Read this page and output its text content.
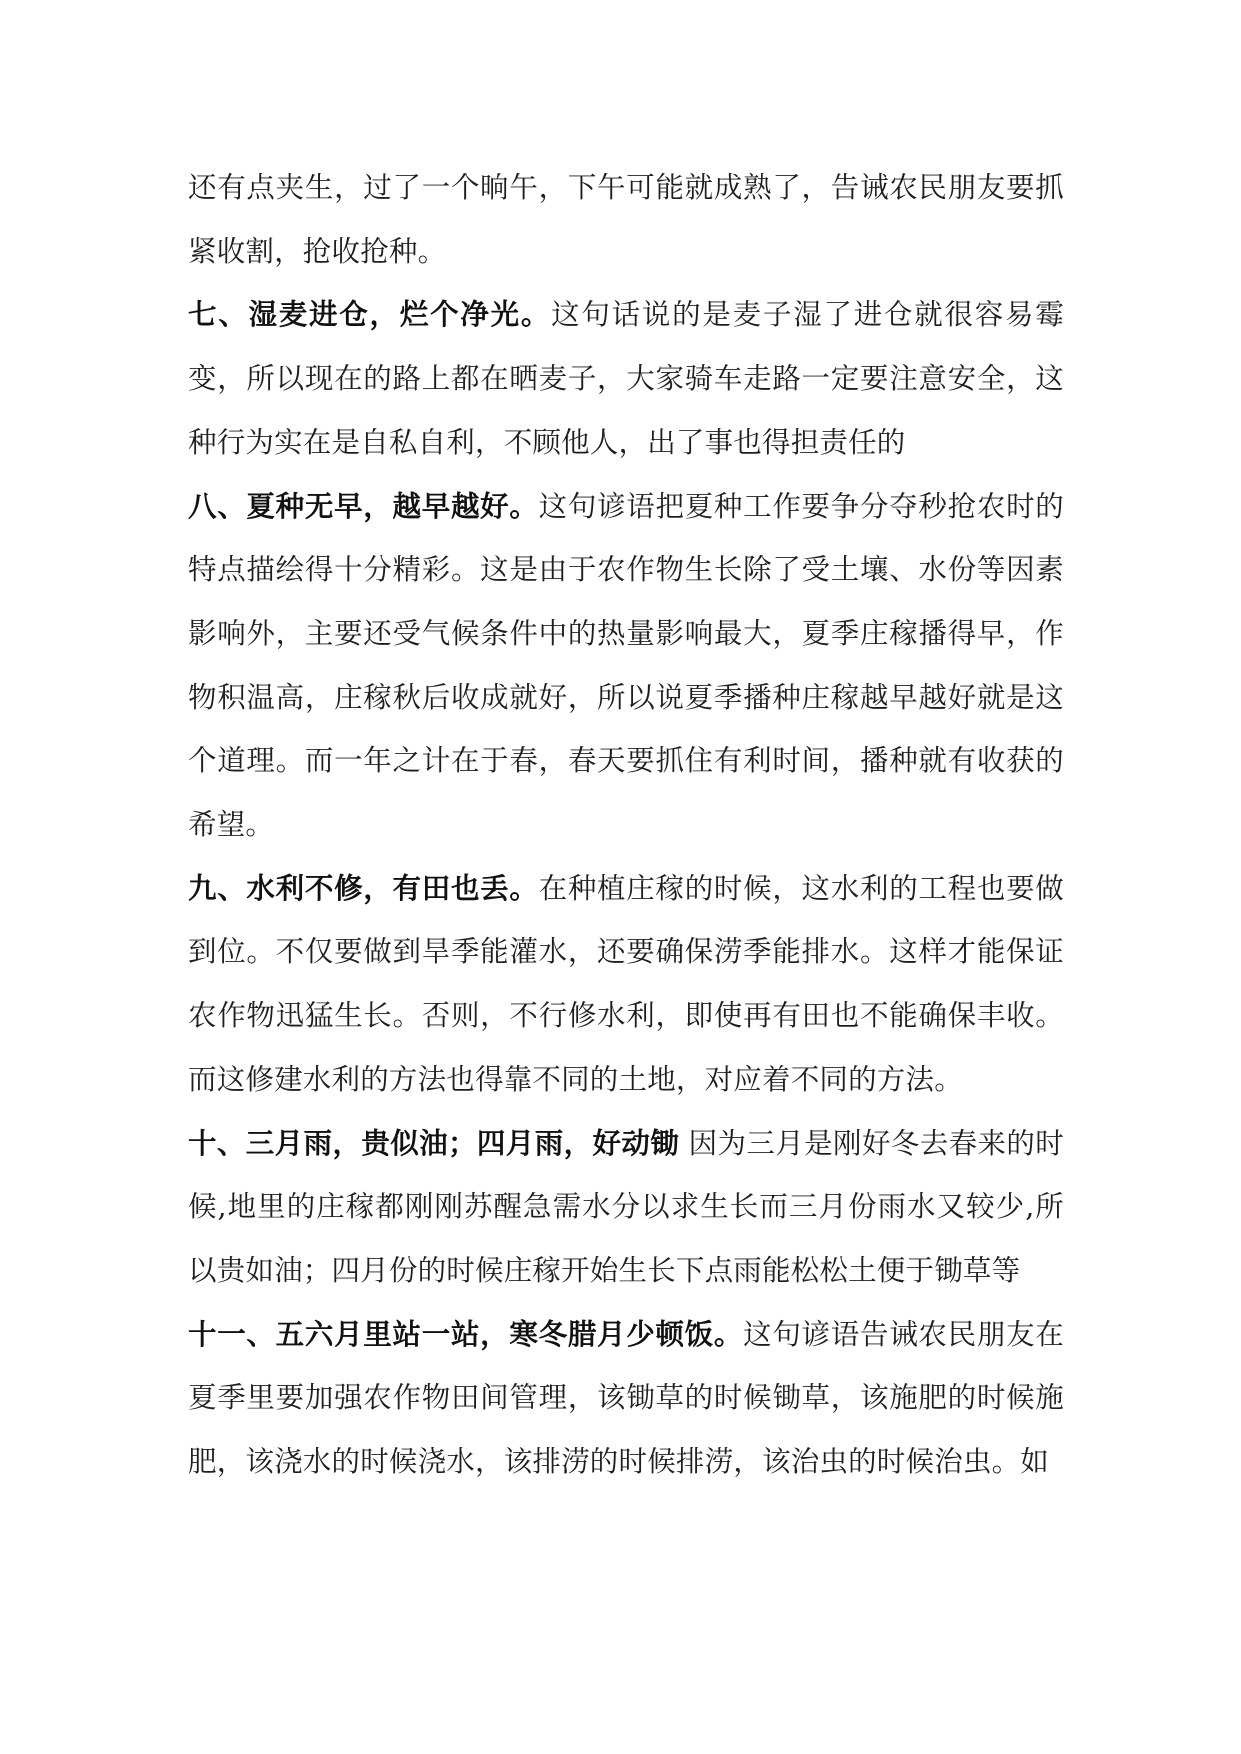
还有点夹生，过了一个晌午，下午可能就成熟了，告诫农民朋友要抓紧收割，抢收抢种。

七、湿麦进仓，烂个净光。这句话说的是麦子湿了进仓就很容易霉变，所以现在的路上都在晒麦子，大家骑车走路一定要注意安全，这种行为实在是自私自利，不顾他人，出了事也得担责任的

八、夏种无早，越早越好。这句谚语把夏种工作要争分夺秒抢农时的特点描绘得十分精彩。这是由于农作物生长除了受土壤、水份等因素影响外，主要还受气候条件中的热量影响最大，夏季庄稼播得早，作物积温高，庄稼秋后收成就好，所以说夏季播种庄稼越早越好就是这个道理。而一年之计在于春，春天要抓住有利时间，播种就有收获的希望。

九、水利不修，有田也丢。在种植庄稼的时候，这水利的工程也要做到位。不仅要做到旱季能灌水，还要确保涝季能排水。这样才能保证农作物迅猛生长。否则，不行修水利，即使再有田也不能确保丰收。而这修建水利的方法也得靠不同的土地，对应着不同的方法。

十、三月雨，贵似油；四月雨，好动锄 因为三月是刚好冬去春来的时候,地里的庄稼都刚刚苏醒急需水分以求生长而三月份雨水又较少,所以贵如油；四月份的时候庄稼开始生长下点雨能松松土便于锄草等

十一、五六月里站一站，寒冬腊月少顿饭。这句谚语告诫农民朋友在夏季里要加强农作物田间管理，该锄草的时候锄草，该施肥的时候施肥，该浇水的时候浇水，该排涝的时候排涝，该治虫的时候治虫。如
